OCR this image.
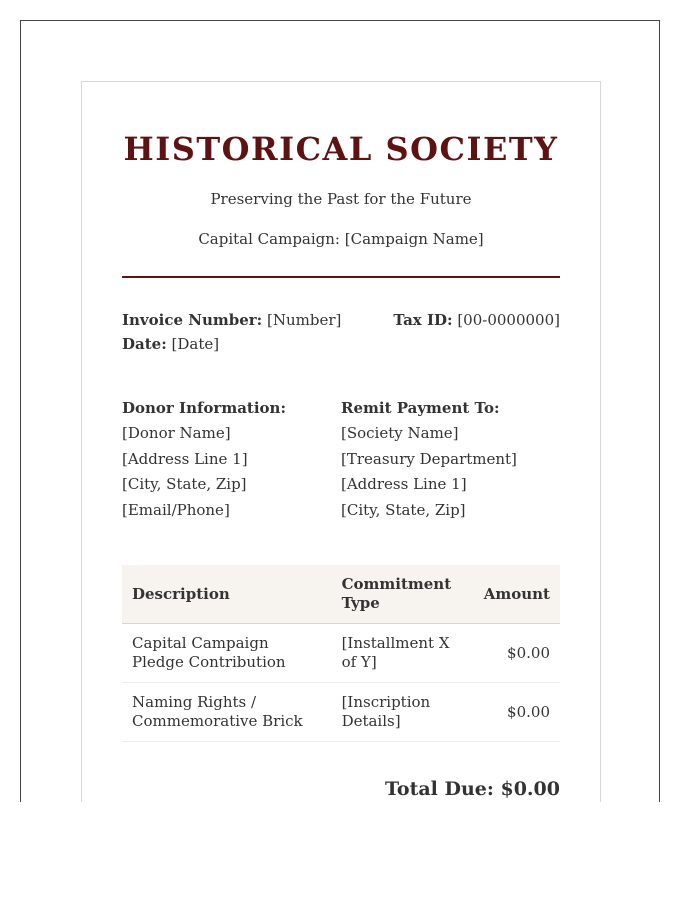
HISTORICAL SOCIETY
Preserving the Past for the Future
Capital Campaign: [Campaign Name]
Invoice Number: [Number]	Tax ID: [00-0000000]
Date: [Date]
Donor Information:
[Donor Name]
[Address Line 1]
[City, State, Zip]
[Email/Phone]
Remit Payment To:
[Society Name]
[Treasury Department]
[Address Line 1]
[City, State, Zip]
Description	Commitment Type	Amount
Capital Campaign Pledge Contribution	[Installment X of Y]	$0.00
Naming Rights / Commemorative Brick	[Inscription Details]	$0.00
Total Due: $0.00
